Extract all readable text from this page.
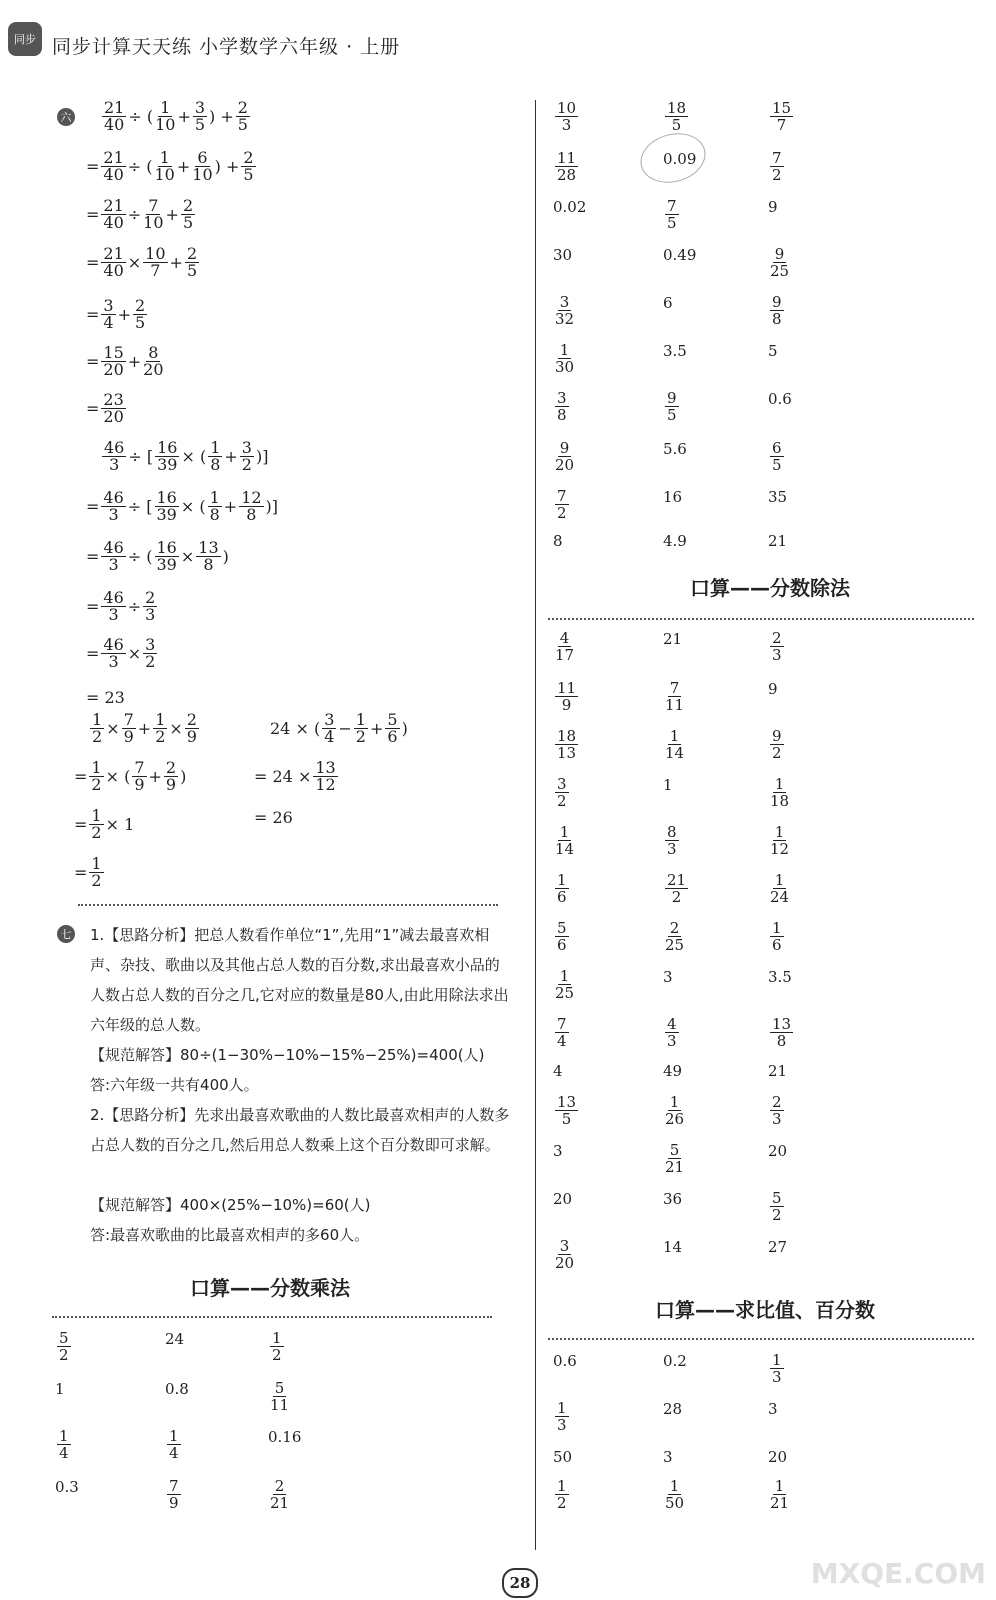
同步 同步计算天天练 小学数学六年级 · 上册
六
七
21
40 ÷ ( 1
10 + 3
5 ) + 2
5
= 21
40 ÷ ( 1
10 + 6
10 ) + 2
5
= 21
40 ÷ 7
10 + 2
5
= 21
40 × 10
7 + 2
5
= 3
4 + 2
5
= 15
20 + 8
20
= 23
20
46
3 ÷ [ 16
39 × ( 1
8 + 3
2 )]
= 46
3 ÷ [ 16
39 × ( 1
8 + 12
8 )]
= 46
3 ÷ ( 16
39 × 13
8 )
= 46
3 ÷ 2
3
= 46
3 × 3
2
= 23
1
2 × 7
9 + 1
2 × 2
9
= 1
2 × ( 7
9 + 2
9 )
= 1
2 × 1
= 1
2
24 × ( 3
4 − 1
2 + 5
6 )
= 24 × 13
12
= 26
1.【思路分析】把总人数看作单位“1”,先用“1”减去最喜欢相声、杂技、歌曲以及其他占总人数的百分数,求出最喜欢小品的人数占总人数的百分之几,它对应的数量是80人,由此用除法求出六年级的总人数。
【规范解答】80÷(1−30%−10%−15%−25%)=400(人)
答:六年级一共有400人。
2.【思路分析】先求出最喜欢歌曲的人数比最喜欢相声的人数多占总人数的百分之几,然后用总人数乘上这个百分数即可求解。
【规范解答】400×(25%−10%)=60(人)
答:最喜欢歌曲的比最喜欢相声的多60人。
口算——分数乘法
$\frac{5}{2}$	24	$\frac{1}{2}$
1	0.8	$\frac{5}{11}$
$\frac{1}{4}$	$\frac{1}{4}$	0.16
0.3	$\frac{7}{9}$	$\frac{2}{21}$
$\frac{10}{3}$	$\frac{18}{5}$	$\frac{15}{7}$
$\frac{11}{28}$	0.09	$\frac{7}{2}$
0.02	$\frac{7}{5}$	9
30	0.49	$\frac{9}{25}$
$\frac{3}{32}$	6	$\frac{9}{8}$
$\frac{1}{30}$	3.5	5
$\frac{3}{8}$	$\frac{9}{5}$	0.6
$\frac{9}{20}$	5.6	$\frac{6}{5}$
$\frac{7}{2}$	16	35
8	4.9	21
口算——分数除法
$\frac{4}{17}$	21	$\frac{2}{3}$
$\frac{11}{9}$	$\frac{7}{11}$	9
$\frac{18}{13}$	$\frac{1}{14}$	$\frac{9}{2}$
$\frac{3}{2}$	1	$\frac{1}{18}$
$\frac{1}{14}$	$\frac{8}{3}$	$\frac{1}{12}$
$\frac{1}{6}$	$\frac{21}{2}$	$\frac{1}{24}$
$\frac{5}{6}$	$\frac{2}{25}$	$\frac{1}{6}$
$\frac{1}{25}$	3	3.5
$\frac{7}{4}$	$\frac{4}{3}$	$\frac{13}{8}$
4	49	21
$\frac{13}{5}$	$\frac{1}{26}$	$\frac{2}{3}$
3	$\frac{5}{21}$	20
20	36	$\frac{5}{2}$
$\frac{3}{20}$	14	27
口算——求比值、百分数
0.6	0.2	$\frac{1}{3}$
$\frac{1}{3}$	28	3
50	3	20
$\frac{1}{2}$	$\frac{1}{50}$	$\frac{1}{21}$
28	MXQE.COM
